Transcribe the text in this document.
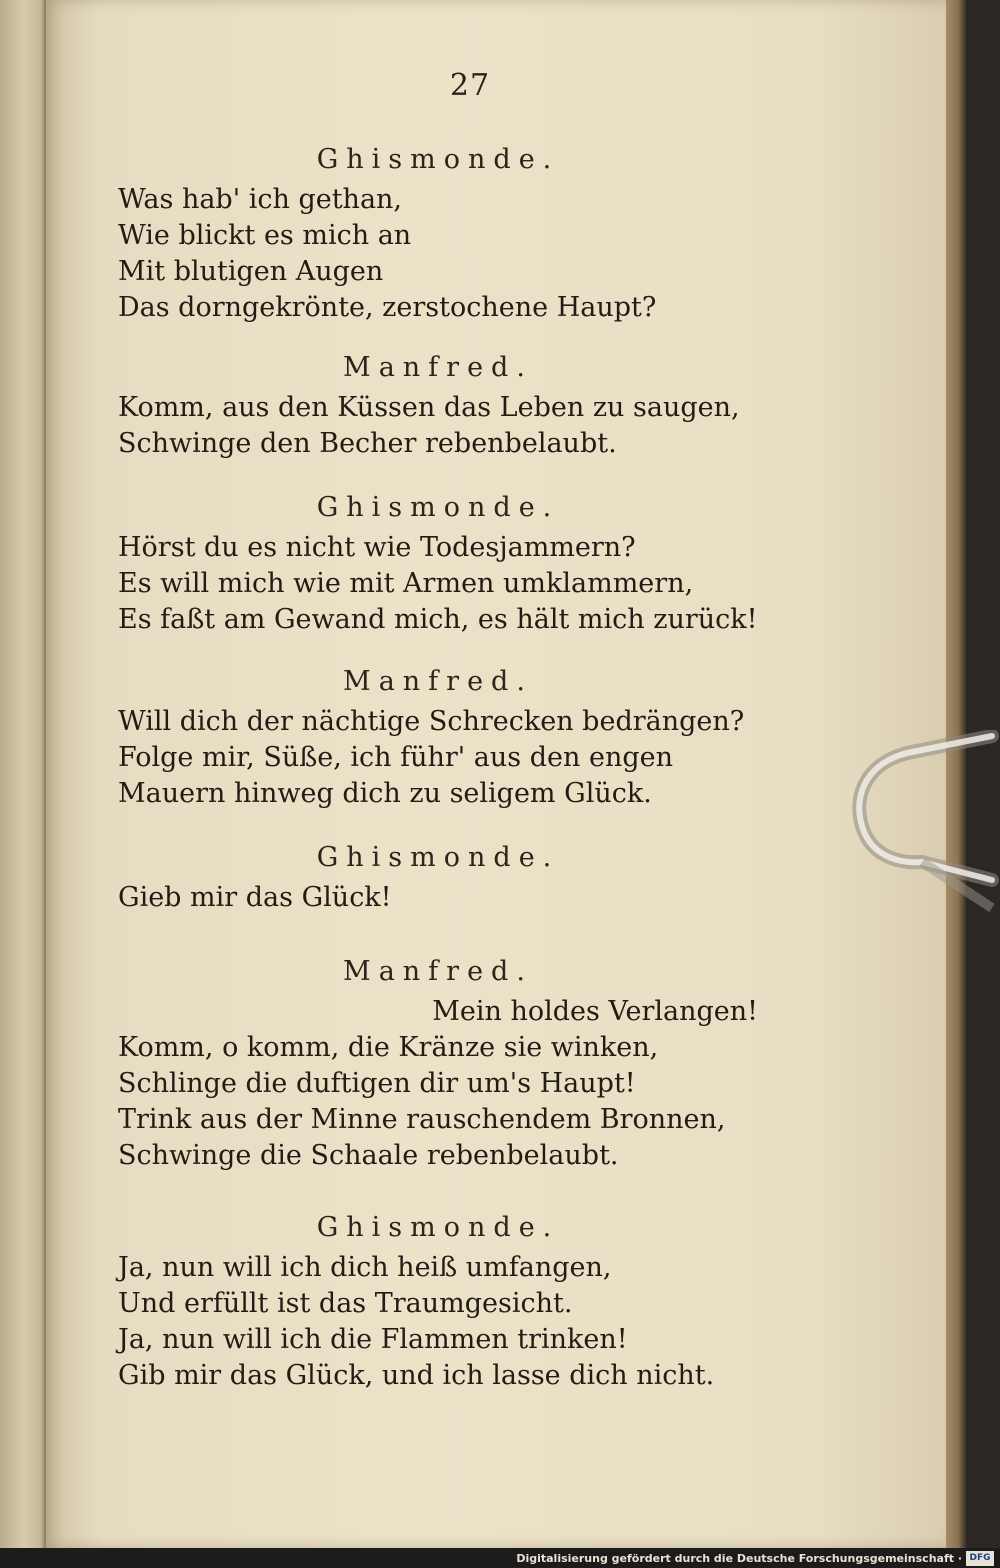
27
Ghismonde.
Was hab' ich gethan,
Wie blickt es mich an
Mit blutigen Augen
Das dorngekrönte, zerstochene Haupt?
Manfred.
Komm, aus den Küssen das Leben zu saugen,
Schwinge den Becher rebenbelaubt.
Ghismonde.
Hörst du es nicht wie Todesjammern?
Es will mich wie mit Armen umklammern,
Es faßt am Gewand mich, es hält mich zurück!
Manfred.
Will dich der nächtige Schrecken bedrängen?
Folge mir, Süße, ich führ' aus den engen
Mauern hinweg dich zu seligem Glück.
Ghismonde.
Gieb mir das Glück!
Manfred.
Mein holdes Verlangen!
Komm, o komm, die Kränze sie winken,
Schlinge die duftigen dir um's Haupt!
Trink aus der Minne rauschendem Bronnen,
Schwinge die Schaale rebenbelaubt.
Ghismonde.
Ja, nun will ich dich heiß umfangen,
Und erfüllt ist das Traumgesicht.
Ja, nun will ich die Flammen trinken!
Gib mir das Glück, und ich lasse dich nicht.
Digitalisierung gefördert durch die Deutsche Forschungsgemeinschaft · DFG
